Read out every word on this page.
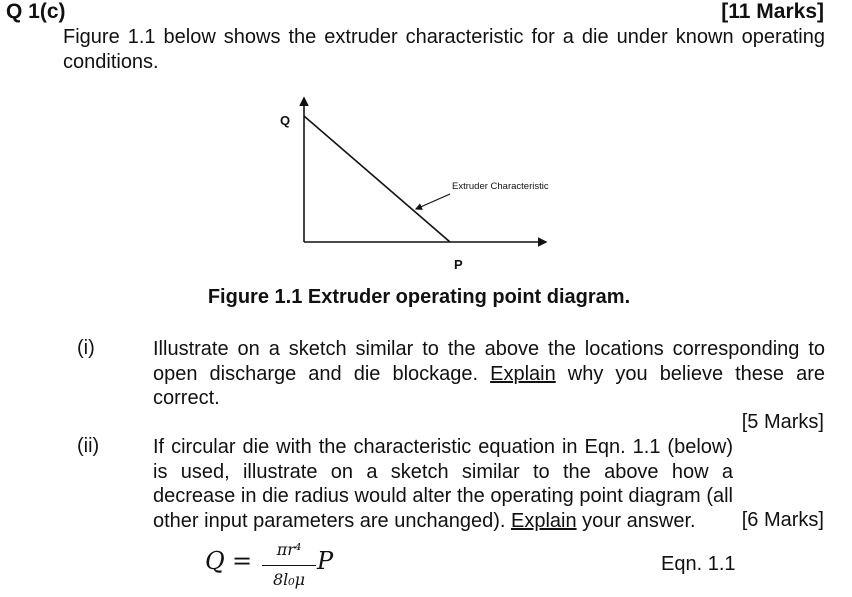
Q 1(c)	[11 Marks]
Figure 1.1 below shows the extruder characteristic for a die under known operating conditions.
Q
P
Extruder Characteristic
Figure 1.1 Extruder operating point diagram.
(i)	Illustrate on a sketch similar to the above the locations corresponding to open discharge and die blockage. Explain why you believe these are correct.
[5 Marks]
(ii)	If circular die with the characteristic equation in Eqn. 1.1 (below) is used, illustrate on a sketch similar to the above how a decrease in die radius would alter the operating point diagram (all other input parameters are unchanged). Explain your answer.	[6 Marks]
Q =	πr⁴
8l₀μ
P	Eqn. 1.1
